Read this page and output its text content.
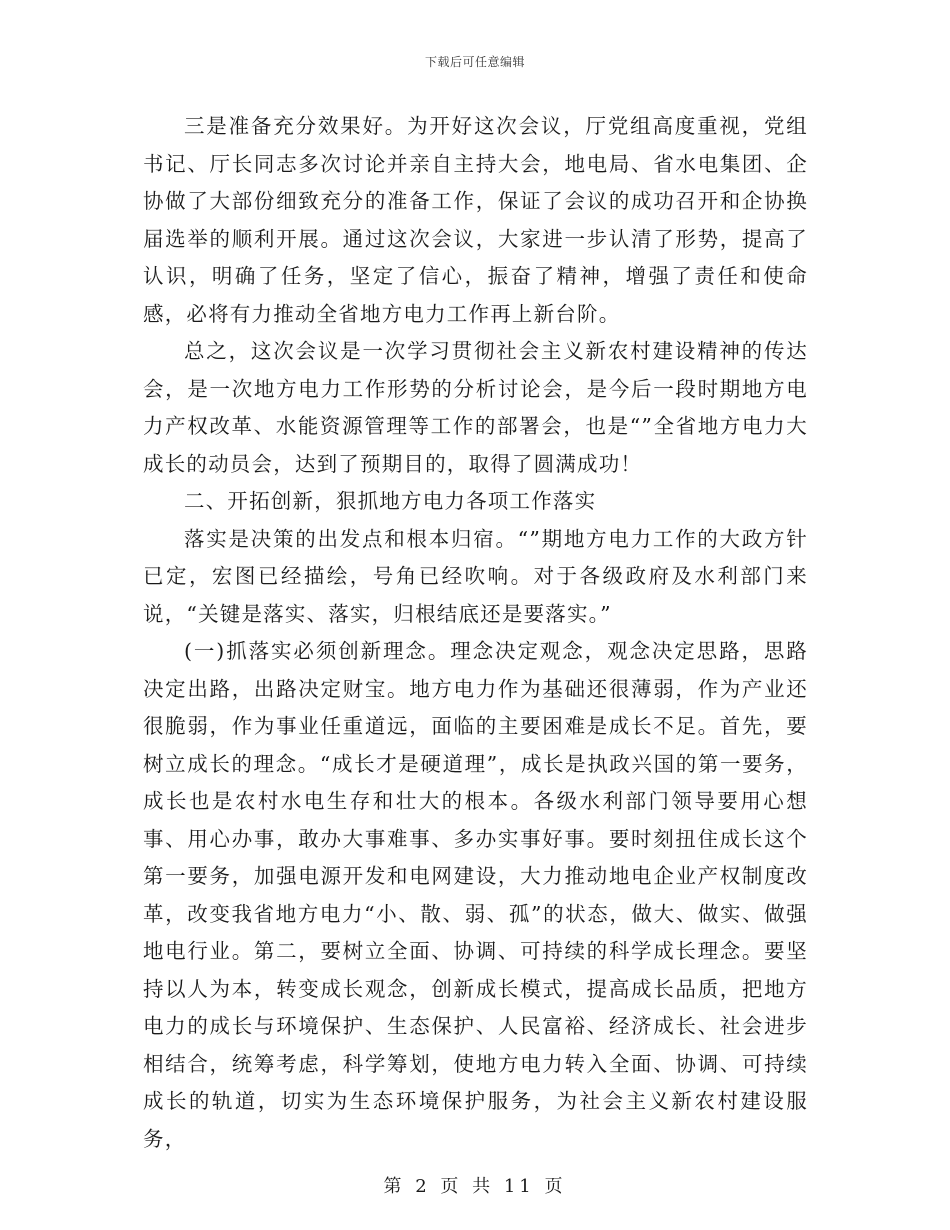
下载后可任意编辑

三是准备充分效果好。为开好这次会议，厅党组高度重视，党组书记、厅长同志多次讨论并亲自主持大会，地电局、省水电集团、企协做了大部份细致充分的准备工作，保证了会议的成功召开和企协换届选举的顺利开展。通过这次会议，大家进一步认清了形势，提高了认识，明确了任务，坚定了信心，振奋了精神，增强了责任和使命感，必将有力推动全省地方电力工作再上新台阶。

总之，这次会议是一次学习贯彻社会主义新农村建设精神的传达会，是一次地方电力工作形势的分析讨论会，是今后一段时期地方电力产权改革、水能资源管理等工作的部署会，也是“”全省地方电力大成长的动员会，达到了预期目的，取得了圆满成功！

二、开拓创新，狠抓地方电力各项工作落实

落实是决策的出发点和根本归宿。“”期地方电力工作的大政方针已定，宏图已经描绘，号角已经吹响。对于各级政府及水利部门来说，“关键是落实、落实，归根结底还是要落实。”

(一)抓落实必须创新理念。理念决定观念，观念决定思路，思路决定出路，出路决定财宝。地方电力作为基础还很薄弱，作为产业还很脆弱，作为事业任重道远，面临的主要困难是成长不足。首先，要树立成长的理念。“成长才是硬道理”，成长是执政兴国的第一要务，成长也是农村水电生存和壮大的根本。各级水利部门领导要用心想事、用心办事，敢办大事难事、多办实事好事。要时刻扭住成长这个第一要务，加强电源开发和电网建设，大力推动地电企业产权制度改革，改变我省地方电力“小、散、弱、孤”的状态，做大、做实、做强地电行业。第二，要树立全面、协调、可持续的科学成长理念。要坚持以人为本，转变成长观念，创新成长模式，提高成长品质，把地方电力的成长与环境保护、生态保护、人民富裕、经济成长、社会进步相结合，统筹考虑，科学筹划，使地方电力转入全面、协调、可持续成长的轨道，切实为生态环境保护服务，为社会主义新农村建设服务，

第 2 页 共 11 页
